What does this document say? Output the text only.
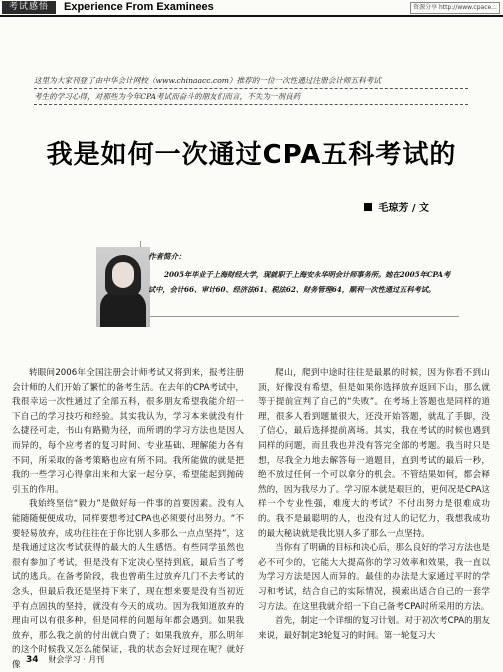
考试感悟	Experience From Examinees	资源分享 http://www.cpace...
这里为大家刊登了由中华会计网校（www.chinaacc.com）推荐的一位一次性通过注册会计师五科考试
考生的学习心得，对那些为今年CPA考试而奋斗的朋友们而言，不失为一剂良药
我是如何一次通过CPA五科考试的
毛琼芳 / 文
作者简介：
2005年毕业于上海财经大学，现就职于上海安永华明会计师事务所。她在2005年CPA考试中，会计66、审计60、经济法61、税法62、财务管理64，顺利一次性通过五科考试。

转眼间2006年全国注册会计师考试又将到来，报考注册会计师的人们开始了繁忙的备考生活。在去年的CPA考试中，我很幸运一次性通过了全部五科，很多朋友希望我能介绍一下自己的学习技巧和经验。其实我认为，学习本来就没有什么捷径可走，书山有路勤为径，而所谓的学习方法也是因人而异的，每个应考者的复习时间、专业基础、理解能力各有不同，所采取的备考策略也应有所不同。我所能做的就是把我的一些学习心得拿出来和大家一起分享，希望能起到抛砖引玉的作用。

我始终坚信“毅力”是做好每一件事的首要因素。没有人能随随便便成功，同样要想考过CPA也必须要付出努力。“不要轻易放弃，成功往往在于你比别人多那么一点点坚持”，这是我通过这次考试获得的最大的人生感悟。有些同学虽然也很有参加了考试，但是没有下定决心坚持到底，最后当了考试的逃兵。在备考阶段，我也曾萌生过放弃几门不去考试的念头，但最后我还是坚持下来了，现在想来要是没有当初近乎有点固执的坚持，就没有今天的成功。因为我知道放弃的理由可以有很多种，但是同样的问题每年都会遇到。如果我放弃，那么我之前的付出就白费了；如果我放弃，那么明年的这个时候我又怎么能保证，我的状态会好过现在呢？就好像

爬山，爬到中途时往往是最累的时候，因为你看不到山顶，好像没有希望，但是如果你选择放弃返回下山，那么就等于提前宣判了自己的“失败”。在考场上答题也是同样的道理，很多人看到题量很大，还没开始答题，就乱了手脚，没了信心，最后选择提前离场。其实，我在考试的时候也遇到同样的问题，而且我也并没有答完全部的考题。我当时只是想，尽我全力地去解答每一道题目，直到考试的最后一秒，绝不放过任何一个可以拿分的机会。不管结果如何，都会释然的，因为我尽力了。学习原本就是艰巨的，更何况是CPA这样一个专业性强，难度大的考试？不付出努力是很难成功的。我不是最聪明的人，也没有过人的记忆力，我想我成功的最大秘诀就是我比别人多了那么一点坚持。

当你有了明确的目标和决心后，那么良好的学习方法也是必不可少的，它能大大提高你的学习效率和效果，我一直以为学习方法是因人而异的。最佳的办法是大家通过平时的学习和考试，结合自己的实际情况，摸索出适合自己的一套学习方法。在这里我就介绍一下自己备考CPA时所采用的方法。

首先，制定一个详细的复习计划。对于初次考CPA的朋友来说，最好制定3轮复习的时间。第一轮复习大

34 财会学习 · 月刊
